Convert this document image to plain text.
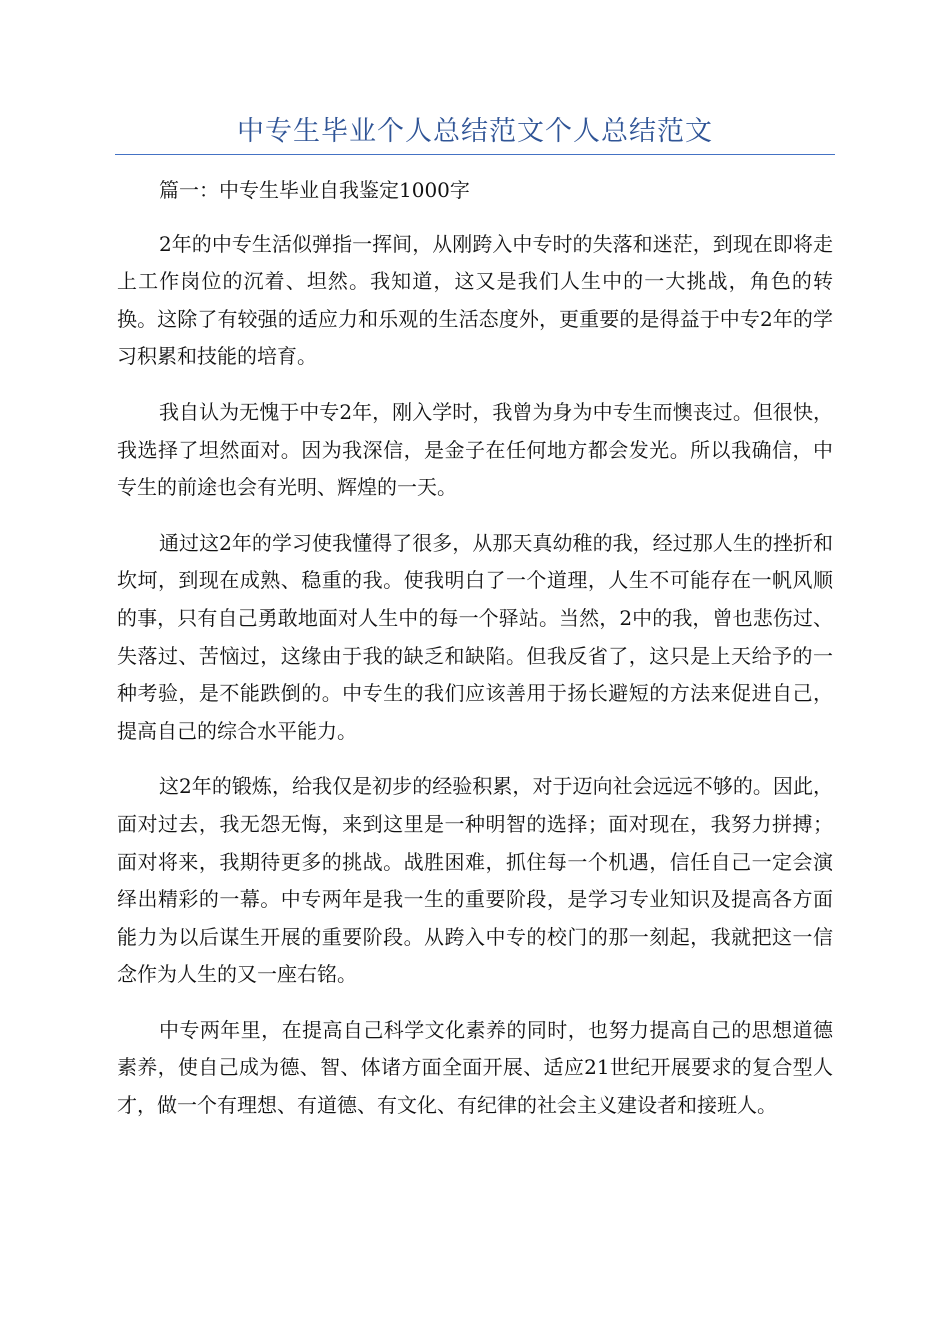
中专生毕业个人总结范文个人总结范文

篇一：中专生毕业自我鉴定1000字

2年的中专生活似弹指一挥间，从刚跨入中专时的失落和迷茫，到现在即将走上工作岗位的沉着、坦然。我知道，这又是我们人生中的一大挑战，角色的转换。这除了有较强的适应力和乐观的生活态度外，更重要的是得益于中专2年的学习积累和技能的培育。

我自认为无愧于中专2年，刚入学时，我曾为身为中专生而懊丧过。但很快，我选择了坦然面对。因为我深信，是金子在任何地方都会发光。所以我确信，中专生的前途也会有光明、辉煌的一天。

通过这2年的学习使我懂得了很多，从那天真幼稚的我，经过那人生的挫折和坎坷，到现在成熟、稳重的我。使我明白了一个道理，人生不可能存在一帆风顺的事，只有自己勇敢地面对人生中的每一个驿站。当然，2中的我，曾也悲伤过、失落过、苦恼过，这缘由于我的缺乏和缺陷。但我反省了，这只是上天给予的一种考验，是不能跌倒的。中专生的我们应该善用于扬长避短的方法来促进自己，提高自己的综合水平能力。

这2年的锻炼，给我仅是初步的经验积累，对于迈向社会远远不够的。因此，面对过去，我无怨无悔，来到这里是一种明智的选择；面对现在，我努力拼搏；面对将来，我期待更多的挑战。战胜困难，抓住每一个机遇，信任自己一定会演绎出精彩的一幕。中专两年是我一生的重要阶段，是学习专业知识及提高各方面能力为以后谋生开展的重要阶段。从跨入中专的校门的那一刻起，我就把这一信念作为人生的又一座右铭。

中专两年里，在提高自己科学文化素养的同时，也努力提高自己的思想道德素养，使自己成为德、智、体诸方面全面开展、适应21世纪开展要求的复合型人才，做一个有理想、有道德、有文化、有纪律的社会主义建设者和接班人。
